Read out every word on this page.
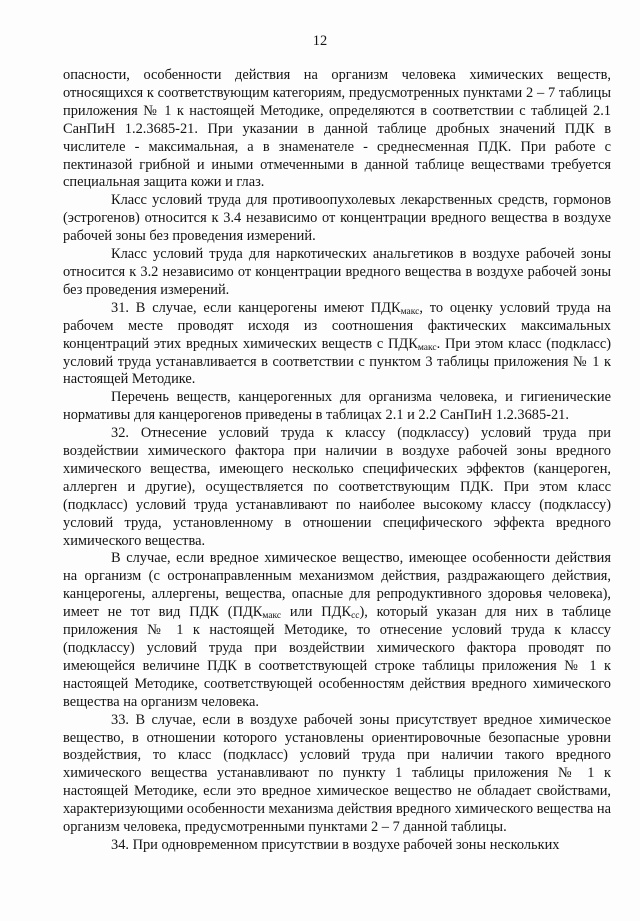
12

опасности, особенности действия на организм человека химических веществ, относящихся к соответствующим категориям, предусмотренных пунктами 2 – 7 таблицы приложения № 1 к настоящей Методике, определяются в соответствии с таблицей 2.1 СанПиН 1.2.3685-21. При указании в данной таблице дробных значений ПДК в числителе - максимальная, а в знаменателе - среднесменная ПДК. При работе с пектиназой грибной и иными отмеченными в данной таблице веществами требуется специальная защита кожи и глаз.

Класс условий труда для противоопухолевых лекарственных средств, гормонов (эстрогенов) относится к 3.4 независимо от концентрации вредного вещества в воздухе рабочей зоны без проведения измерений.

Класс условий труда для наркотических анальгетиков в воздухе рабочей зоны относится к 3.2 независимо от концентрации вредного вещества в воздухе рабочей зоны без проведения измерений.

31. В случае, если канцерогены имеют $ПДК_{макс}$, то оценку условий труда на рабочем месте проводят исходя из соотношения фактических максимальных концентраций этих вредных химических веществ с $ПДК_{макс}$. При этом класс (подкласс) условий труда устанавливается в соответствии с пунктом 3 таблицы приложения № 1 к настоящей Методике.

Перечень веществ, канцерогенных для организма человека, и гигиенические нормативы для канцерогенов приведены в таблицах 2.1 и 2.2 СанПиН 1.2.3685-21.

32. Отнесение условий труда к классу (подклассу) условий труда при воздействии химического фактора при наличии в воздухе рабочей зоны вредного химического вещества, имеющего несколько специфических эффектов (канцероген, аллерген и другие), осуществляется по соответствующим ПДК. При этом класс (подкласс) условий труда устанавливают по наиболее высокому классу (подклассу) условий труда, установленному в отношении специфического эффекта вредного химического вещества.

В случае, если вредное химическое вещество, имеющее особенности действия на организм (с остронаправленным механизмом действия, раздражающего действия, канцерогены, аллергены, вещества, опасные для репродуктивного здоровья человека), имеет не тот вид ПДК ($ПДК_{макс}$ или $ПДК_{сс}$), который указан для них в таблице приложения № 1 к настоящей Методике, то отнесение условий труда к классу (подклассу) условий труда при воздействии химического фактора проводят по имеющейся величине ПДК в соответствующей строке таблицы приложения № 1 к настоящей Методике, соответствующей особенностям действия вредного химического вещества на организм человека.

33. В случае, если в воздухе рабочей зоны присутствует вредное химическое вещество, в отношении которого установлены ориентировочные безопасные уровни воздействия, то класс (подкласс) условий труда при наличии такого вредного химического вещества устанавливают по пункту 1 таблицы приложения № 1 к настоящей Методике, если это вредное химическое вещество не обладает свойствами, характеризующими особенности механизма действия вредного химического вещества на организм человека, предусмотренными пунктами 2 – 7 данной таблицы.

34. При одновременном присутствии в воздухе рабочей зоны нескольких
